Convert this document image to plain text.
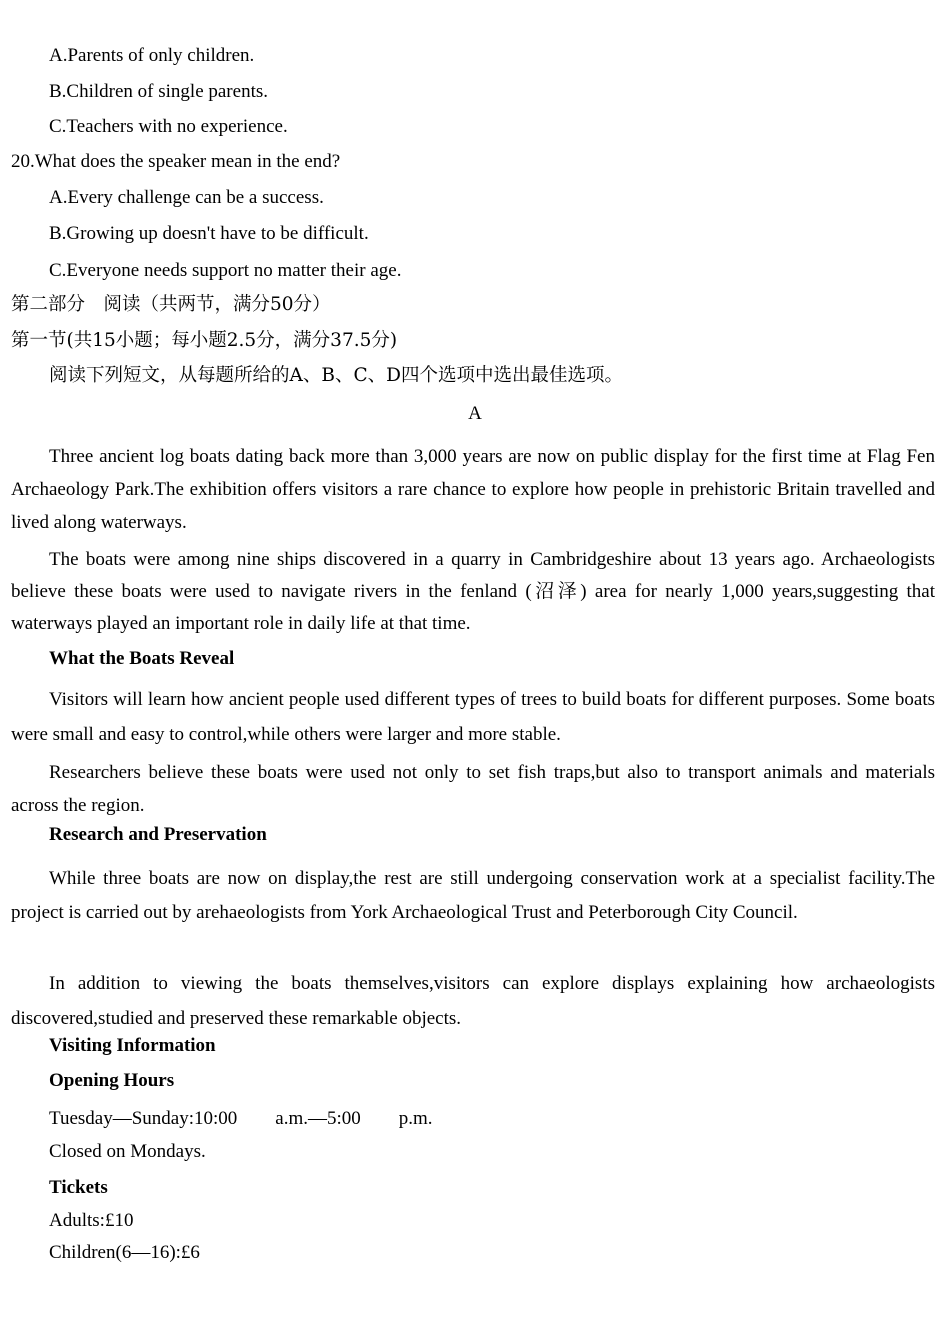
A.Parents of only children.
B.Children of single parents.
C.Teachers with no experience.
20.What does the speaker mean in the end?
A.Every challenge can be a success.
B.Growing up doesn't have to be difficult.
C.Everyone needs support no matter their age.
第二部分　阅读（共两节，满分50分）
第一节(共15小题；每小题2.5分，满分37.5分)
阅读下列短文，从每题所给的A、B、C、D四个选项中选出最佳选项。
A
Three ancient log boats dating back more than 3,000 years are now on public display for the first time at Flag Fen Archaeology Park.The exhibition offers visitors a rare chance to explore how people in prehistoric Britain travelled and lived along waterways.
The boats were among nine ships discovered in a quarry in Cambridgeshire about 13 years ago. Archaeologists believe these boats were used to navigate rivers in the fenland (沼泽) area for nearly 1,000 years,suggesting that waterways played an important role in daily life at that time.
What the Boats Reveal
Visitors will learn how ancient people used different types of trees to build boats for different purposes. Some boats were small and easy to control,while others were larger and more stable.
Researchers believe these boats were used not only to set fish traps,but also to transport animals and materials across the region.
Research and Preservation
While three boats are now on display,the rest are still undergoing conservation work at a specialist facility.The project is carried out by arehaeologists from York Archaeological Trust and Peterborough City Council.
In addition to viewing the boats themselves,visitors can explore displays explaining how archaeologists discovered,studied and preserved these remarkable objects.
Visiting Information
Opening Hours
Tuesday—Sunday:10:00　　a.m.—5:00　　p.m.
Closed on Mondays.
Tickets
Adults:£10
Children(6—16):£6
